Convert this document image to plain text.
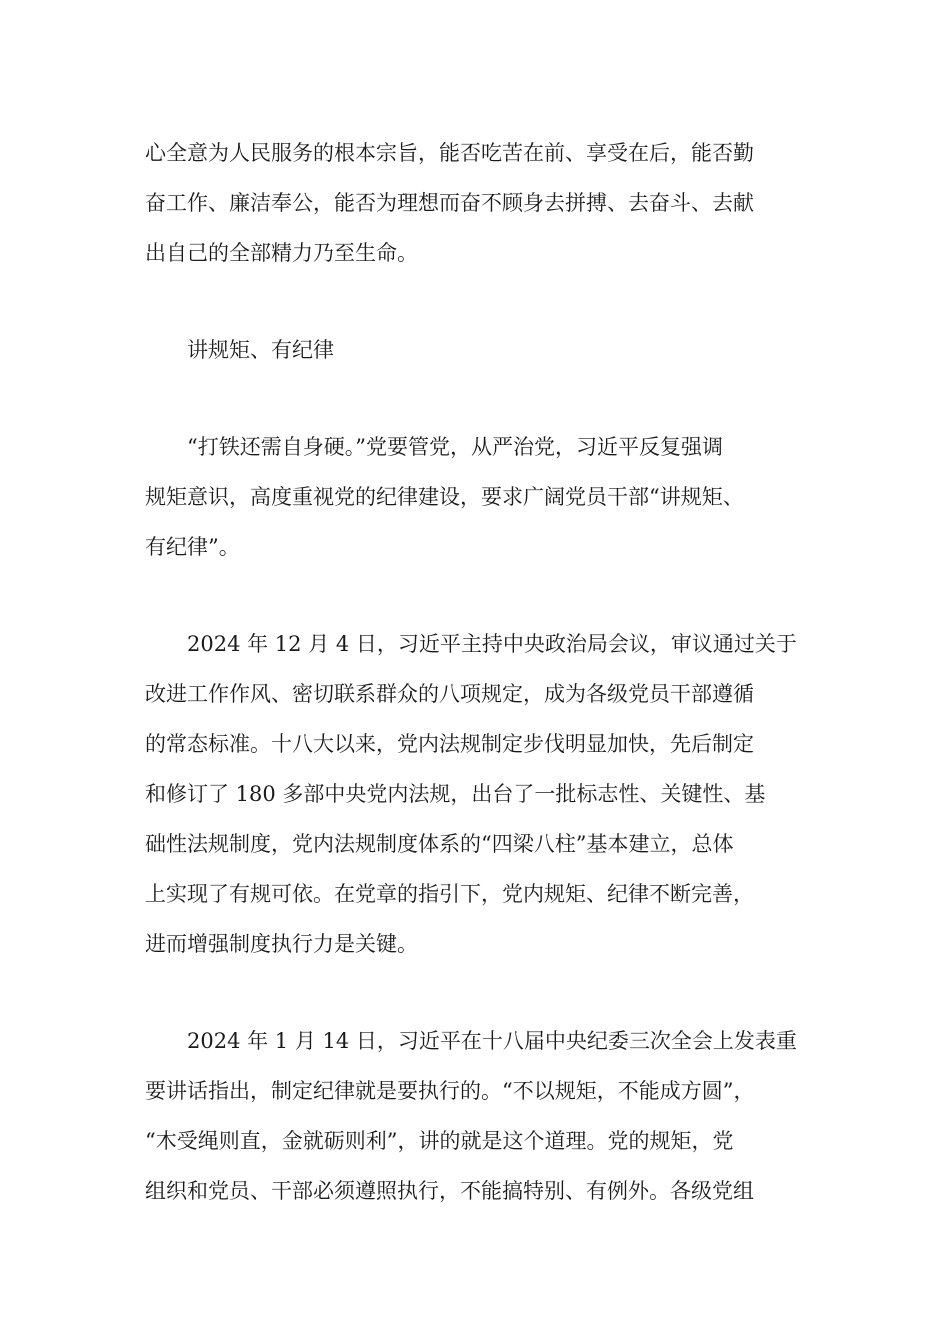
心全意为人民服务的根本宗旨，能否吃苦在前、享受在后，能否勤
奋工作、廉洁奉公，能否为理想而奋不顾身去拼搏、去奋斗、去献
出自己的全部精力乃至生命。
讲规矩、有纪律
“打铁还需自身硬。”党要管党，从严治党，习近平反复强调
规矩意识，高度重视党的纪律建设，要求广阔党员干部“讲规矩、
有纪律”。
2024 年 12 月 4 日，习近平主持中央政治局会议，审议通过关于
改进工作作风、密切联系群众的八项规定，成为各级党员干部遵循
的常态标准。十八大以来，党内法规制定步伐明显加快，先后制定
和修订了 180 多部中央党内法规，出台了一批标志性、关键性、基
础性法规制度，党内法规制度体系的“四梁八柱”基本建立，总体
上实现了有规可依。在党章的指引下，党内规矩、纪律不断完善，
进而增强制度执行力是关键。
2024 年 1 月 14 日，习近平在十八届中央纪委三次全会上发表重
要讲话指出，制定纪律就是要执行的。“不以规矩，不能成方圆”，
“木受绳则直，金就砺则利”，讲的就是这个道理。党的规矩，党
组织和党员、干部必须遵照执行，不能搞特别、有例外。各级党组
